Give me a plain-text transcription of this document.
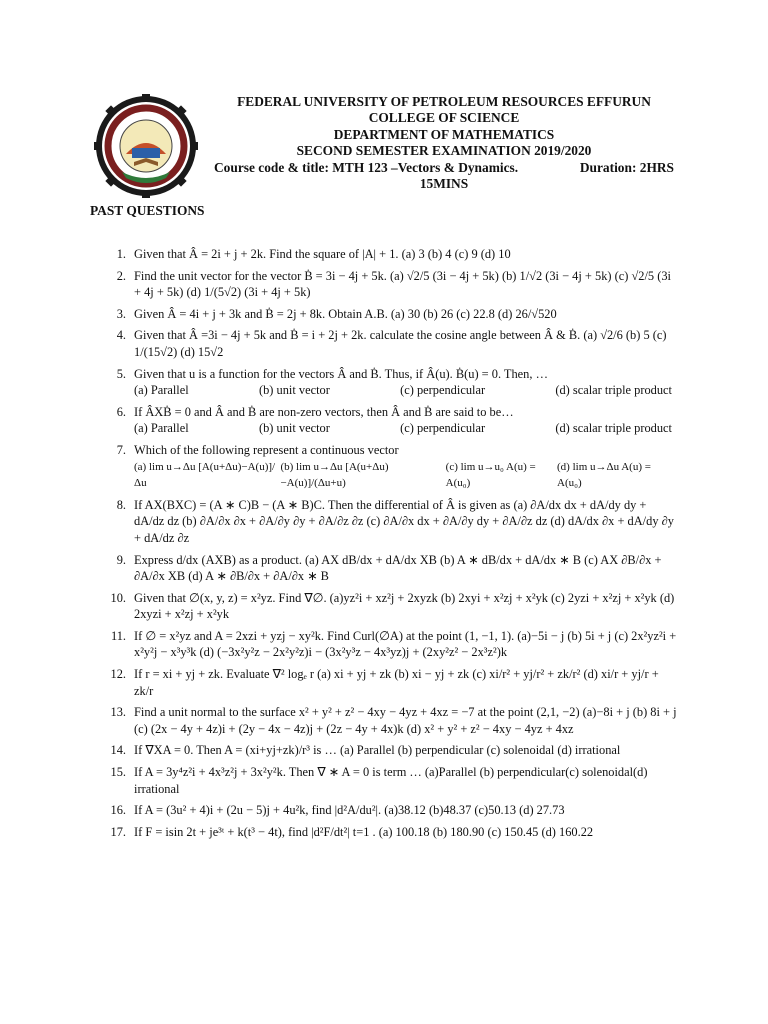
FEDERAL UNIVERSITY OF PETROLEUM RESOURCES EFFURUN
COLLEGE OF SCIENCE
DEPARTMENT OF MATHEMATICS
SECOND SEMESTER EXAMINATION 2019/2020
Course code & title: MTH 123 –Vectors & Dynamics.	Duration: 2HRS
15MINS
PAST QUESTIONS
1. Given that Â = 2i + j + 2k. Find the square of |A| + 1. (a) 3 (b) 4 (c) 9 (d) 10
2. Find the unit vector for the vector Ḃ = 3i − 4j + 5k. (a) √2/5 (3i − 4j + 5k) (b) 1/√2 (3i − 4j + 5k) (c) √2/5 (3i + 4j + 5k) (d) 1/(5√2) (3i + 4j + 5k)
3. Given Â = 4i + j + 3k and Ḃ = 2j + 8k. Obtain A.B. (a) 30 (b) 26 (c) 22.8 (d) 26/√520
4. Given that Â =3i − 4j + 5k and Ḃ = i + 2j + 2k. calculate the cosine angle between Â & Ḃ. (a) √2/6 (b) 5 (c) 1/(15√2) (d) 15√2
5. Given that u is a function for the vectors Â and Ḃ. Thus, if Â(u). Ḃ(u) = 0. Then, …
(a) Parallel	(b) unit vector	(c) perpendicular	(d) scalar triple product
6. If ÂXḂ = 0 and Â and Ḃ are non-zero vectors, then Â and Ḃ are said to be…
(a) Parallel	(b) unit vector	(c) perpendicular	(d) scalar triple product
7. Which of the following represent a continuous vector
(a) lim u→Δu [A(u+Δu)−A(u)]/Δu
(b) lim u→Δu [A(u+Δu)−A(u)]/(Δu+u)
(c) lim u→u₀ A(u) = A(u₀)
(d) lim u→Δu A(u) = A(u₀)
8. If AX(BXC) = (A ∗ C)B − (A ∗ B)C. Then the differential of Â is given as (a) ∂A/dx dx + dA/dy dy + dA/dz dz (b) ∂A/∂x ∂x + ∂A/∂y ∂y + ∂A/∂z ∂z (c) ∂A/∂x dx + ∂A/∂y dy + ∂A/∂z dz (d) dA/dx ∂x + dA/dy ∂y + dA/dz ∂z
9. Express d/dx (AXB) as a product. (a) AX dB/dx + dA/dx XB (b) A ∗ dB/dx + dA/dx ∗ B (c) AX ∂B/∂x + ∂A/∂x XB (d) A ∗ ∂B/∂x + ∂A/∂x ∗ B
10. Given that ∅(x, y, z) = x²yz. Find ∇∅. (a)yz²i + xz²j + 2xyzk (b) 2xyi + x²zj + x²yk (c) 2yzi + x²zj + x²yk (d) 2xyzi + x²zj + x²yk
11. If ∅ = x²yz and A = 2xzi + yzj − xy²k. Find Curl(∅A) at the point (1, −1, 1). (a)−5i − j (b) 5i + j (c) 2x²yz²i + x²y²j − x³y³k (d) (−3x²y²z − 2x²y²z)i − (3x²y³z − 4x³yz)j + (2xy²z² − 2x³z²)k
12. If r = xi + yj + zk. Evaluate ∇² logₑ r (a) xi + yj + zk (b) xi − yj + zk (c) xi/r² + yj/r² + zk/r² (d) xi/r + yj/r + zk/r
13. Find a unit normal to the surface x² + y² + z² − 4xy − 4yz + 4xz = −7 at the point (2,1, −2) (a)−8i + j (b) 8i + j (c) (2x − 4y + 4z)i + (2y − 4x − 4z)j + (2z − 4y + 4x)k (d) x² + y² + z² − 4xy − 4yz + 4xz
14. If ∇XA = 0. Then A = (xi+yj+zk)/r³ is … (a) Parallel (b) perpendicular (c) solenoidal (d) irrational
15. If A = 3y⁴z²i + 4x³z²j + 3x²y²k. Then ∇ ∗ A = 0 is term … (a)Parallel (b) perpendicular(c) solenoidal(d) irrational
16. If A = (3u² + 4)i + (2u − 5)j + 4u²k, find |d²A/du²|. (a)38.12 (b)48.37 (c)50.13 (d) 27.73
17. If F = isin 2t + je³ᵗ + k(t³ − 4t), find |d²F/dt²| t=1 . (a) 100.18 (b) 180.90 (c) 150.45 (d) 160.22
